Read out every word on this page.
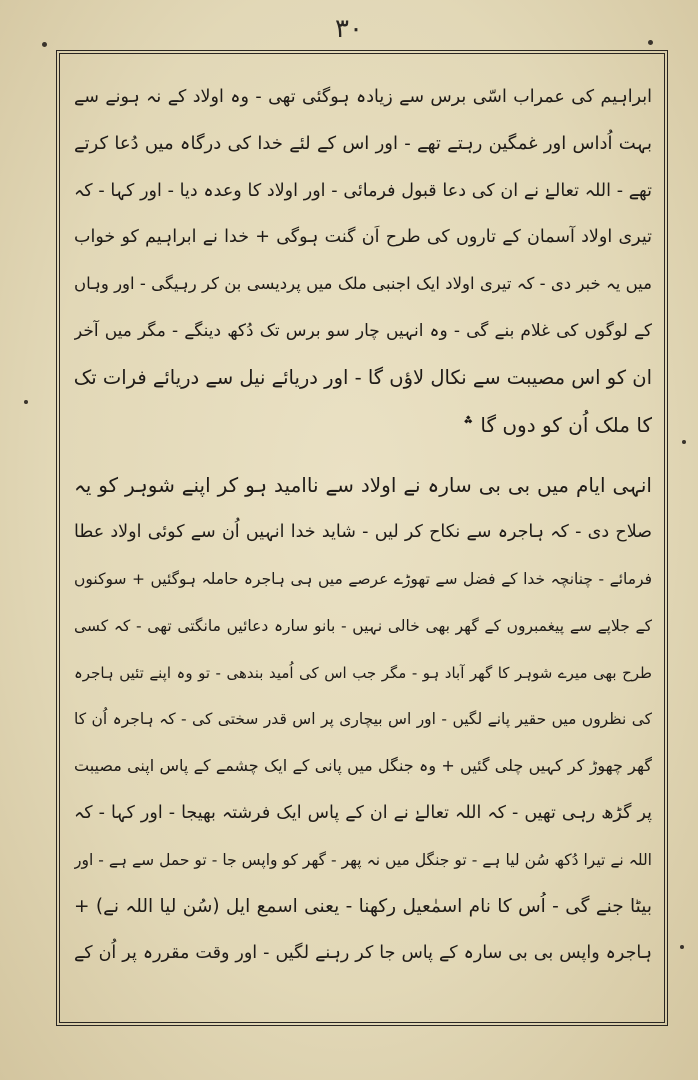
۳۰
ابراہیم کی عمراب اسّی برس سے زیادہ ہوگئی تھی - وہ اولاد کے نہ ہونے سے
بہت اُداس اور غمگین رہتے تھے - اور اس کے لئے خدا کی درگاہ میں دُعا کرتے
تھے - اللہ تعالےٰ نے ان کی دعا قبول فرمائی - اور اولاد کا وعدہ دیا - اور کہا - کہ
تیری اولاد آسمان کے تاروں کی طرح اَن گنت ہوگی + خدا نے ابراہیم کو خواب
میں یہ خبر دی - کہ تیری اولاد ایک اجنبی ملک میں پردیسی بن کر رہیگی - اور وہاں
کے لوگوں کی غلام بنے گی - وہ انہیں چار سو برس تک دُکھ دینگے - مگر میں آخر
ان کو اس مصیبت سے نکال لاؤں گا - اور دریائے نیل سے دریائے فرات تک
کا ملک اُن کو دوں گا ؞
انہی ایام میں بی بی سارہ نے اولاد سے ناامید ہو کر اپنے شوہر کو یہ
صلاح دی - کہ ہاجرہ سے نکاح کر لیں - شاید خدا انہیں اُن سے کوئی اولاد عطا
فرمائے - چنانچہ خدا کے فضل سے تھوڑے عرصے میں ہی ہاجرہ حاملہ ہوگئیں + سوکنوں
کے جلاپے سے پیغمبروں کے گھر بھی خالی نہیں - بانو سارہ دعائیں مانگتی تھی - کہ کسی
طرح بھی میرے شوہر کا گھر آباد ہو - مگر جب اس کی اُمید بندھی - تو وہ اپنے تئیں ہاجرہ
کی نظروں میں حقیر پانے لگیں - اور اس بیچاری پر اس قدر سختی کی - کہ ہاجرہ اُن کا
گھر چھوڑ کر کہیں چلی گئیں + وہ جنگل میں پانی کے ایک چشمے کے پاس اپنی مصیبت
پر گڑھ رہی تھیں - کہ اللہ تعالےٰ نے ان کے پاس ایک فرشتہ بھیجا - اور کہا - کہ
اللہ نے تیرا دُکھ سُن لیا ہے - تو جنگل میں نہ پھر - گھر کو واپس جا - تو حمل سے ہے - اور
بیٹا جنے گی - اُس کا نام اسمٰعیل رکھنا - یعنی اسمع ایل (سُن لیا اللہ نے) +
ہاجرہ واپس بی بی سارہ کے پاس جا کر رہنے لگیں - اور وقت مقررہ پر اُن کے
